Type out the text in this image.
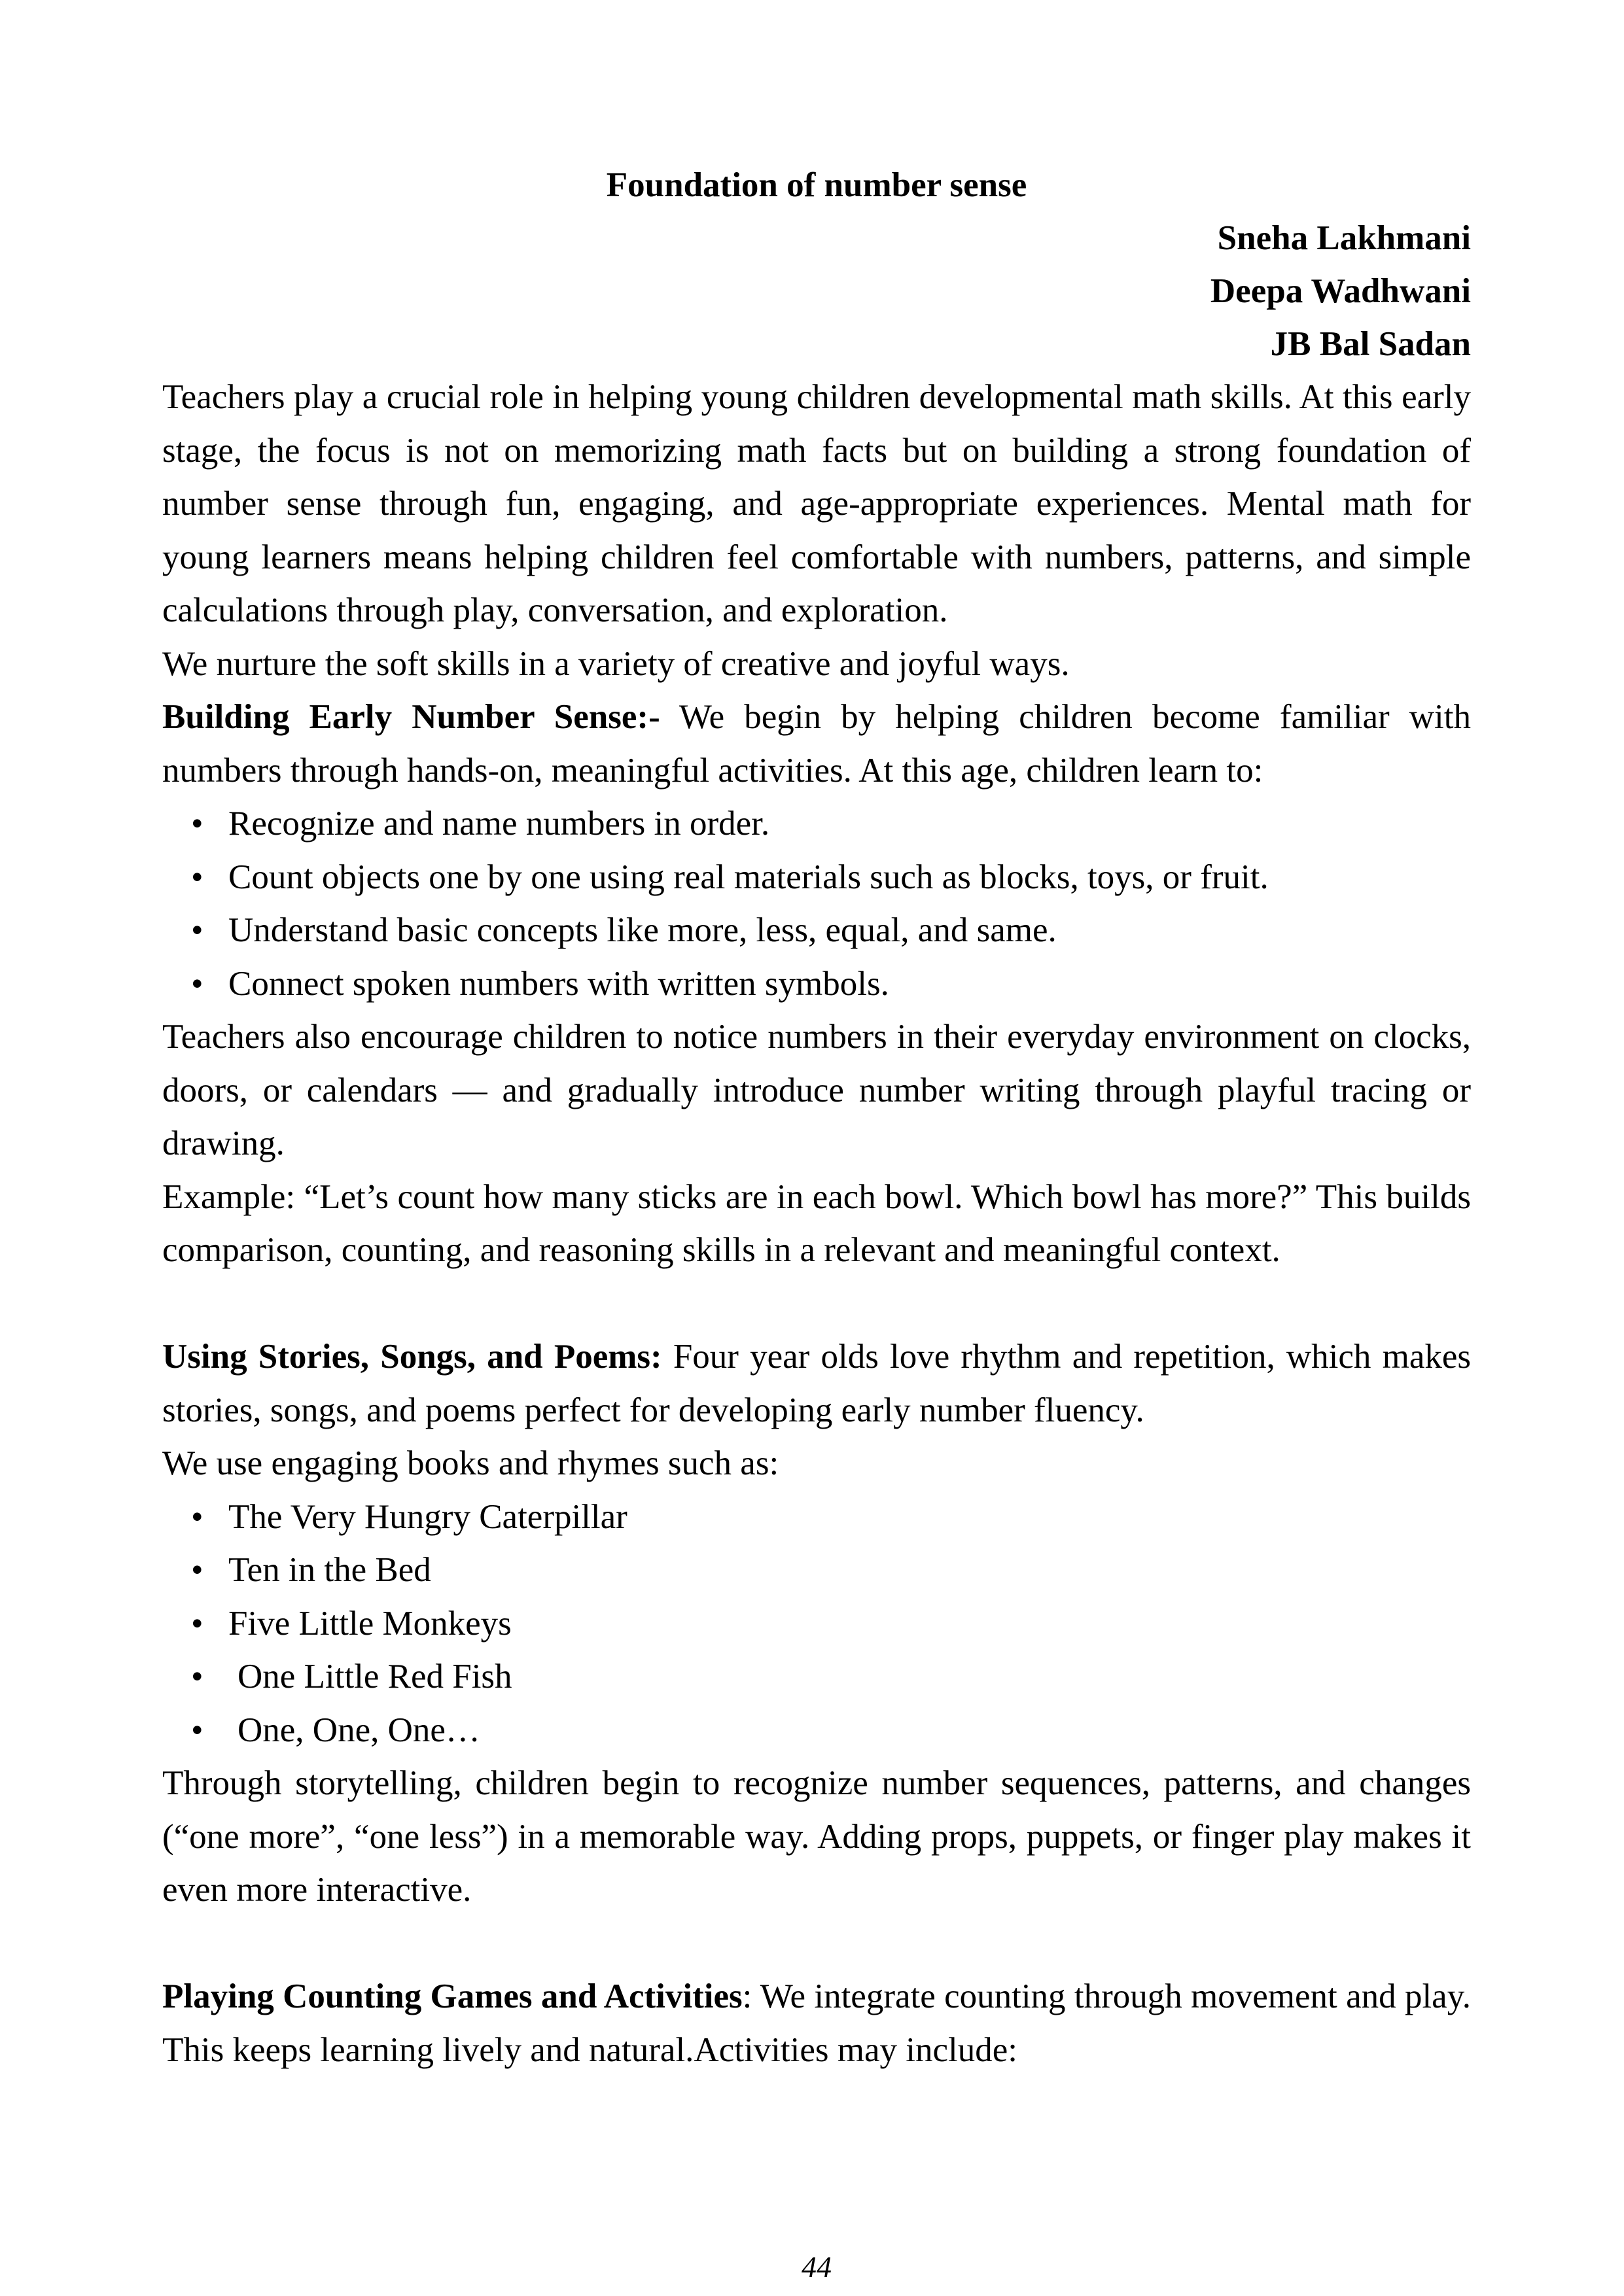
Foundation of number sense
Sneha Lakhmani
Deepa Wadhwani
JB Bal Sadan

Teachers play a crucial role in helping young children developmental math skills. At this early stage, the focus is not on memorizing math facts but on building a strong foundation of number sense through fun, engaging, and age-appropriate experiences. Mental math for young learners means helping children feel comfortable with numbers, patterns, and simple calculations through play, conversation, and exploration.

We nurture the soft skills in a variety of creative and joyful ways.

Building Early Number Sense:- We begin by helping children become familiar with numbers through hands-on, meaningful activities. At this age, children learn to:

• Recognize and name numbers in order.
• Count objects one by one using real materials such as blocks, toys, or fruit.
• Understand basic concepts like more, less, equal, and same.
• Connect spoken numbers with written symbols.

Teachers also encourage children to notice numbers in their everyday environment on clocks, doors, or calendars — and gradually introduce number writing through playful tracing or drawing.

Example: “Let’s count how many sticks are in each bowl. Which bowl has more?” This builds comparison, counting, and reasoning skills in a relevant and meaningful context.

Using Stories, Songs, and Poems: Four year olds love rhythm and repetition, which makes stories, songs, and poems perfect for developing early number fluency.

We use engaging books and rhymes such as:

• The Very Hungry Caterpillar
• Ten in the Bed
• Five Little Monkeys
• One Little Red Fish
• One, One, One…

Through storytelling, children begin to recognize number sequences, patterns, and changes (“one more”, “one less”) in a memorable way. Adding props, puppets, or finger play makes it even more interactive.

Playing Counting Games and Activities: We integrate counting through movement and play. This keeps learning lively and natural.Activities may include:

44
